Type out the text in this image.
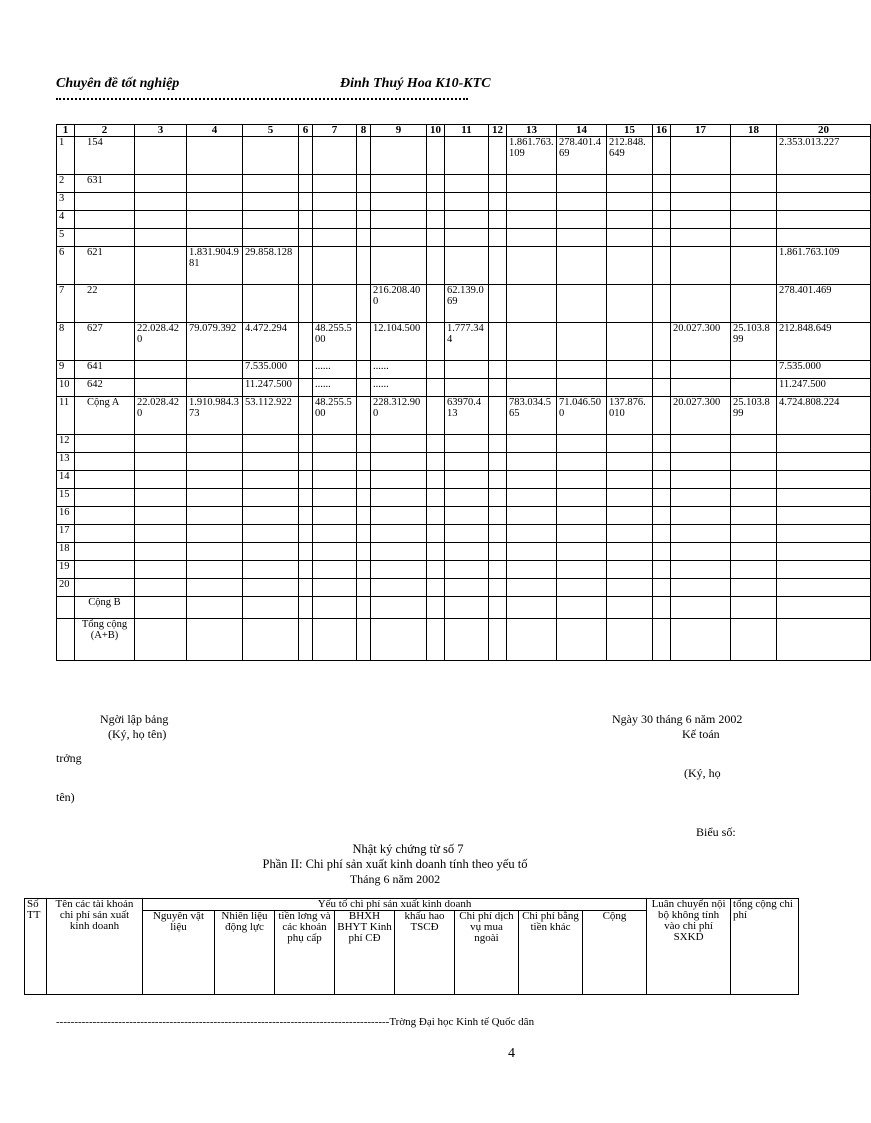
Chuyên đề tốt nghiệp	Đinh Thuý Hoa K10-KTC
1	2	3	4	5	6	7	8	9	10	11	12	13	14	15	16	17	18	20
1	154											1.861.763.109	278.401.469	212.848.649				2.353.013.227
2	631																	
3																		
4																		
5																		
6	621		1.831.904.981	29.858.128														1.861.763.109
7	22							216.208.400		62.139.069								278.401.469
8	627	22.028.420	79.079.392	4.472.294		48.255.500		12.104.500		1.777.344						20.027.300	25.103.899	212.848.649
9	641			7.535.000		......		......										7.535.000
10	642			11.247.500		......		......										11.247.500
11	Cộng A	22.028.420	1.910.984.373	53.112.922		48.255.500		228.312.900		63970.413		783.034.565	71.046.500	137.876.010		20.027.300	25.103.899	4.724.808.224
12																		
13																		
14																		
15																		
16																		
17																		
18																		
19																		
20																		
	Cộng B																	
	Tổng cộng (A+B)																	
Ngời lập bảng
(Ký, họ tên)
Ngày 30 tháng 6 năm 2002
Kế toán
trởng
(Ký, họ
tên)
Biểu số:
Nhật ký chứng từ số 7
Phần II: Chi phí sản xuất kinh doanh tính theo yếu tố
Tháng 6 năm 2002
Số TT	Tên các tài khoản chi phí sản xuất kinh doanh	Yếu tố chi phí sản xuất kinh doanh								Luân chuyển nội bộ không tính vào chi phí SXKD	tổng cộng chi phí
		Nguyên vật liệu	Nhiên liệu động lực	tiền lơng và các khoản phụ cấp	BHXH BHYT Kinh phí CĐ	khấu hao TSCĐ	Chi phí dịch vụ mua ngoài	Chi phí bằng tiền khác	Cộng		
-------------------------------------------------------------------------------------------Trờng Đại học Kinh tế Quốc dân
4
